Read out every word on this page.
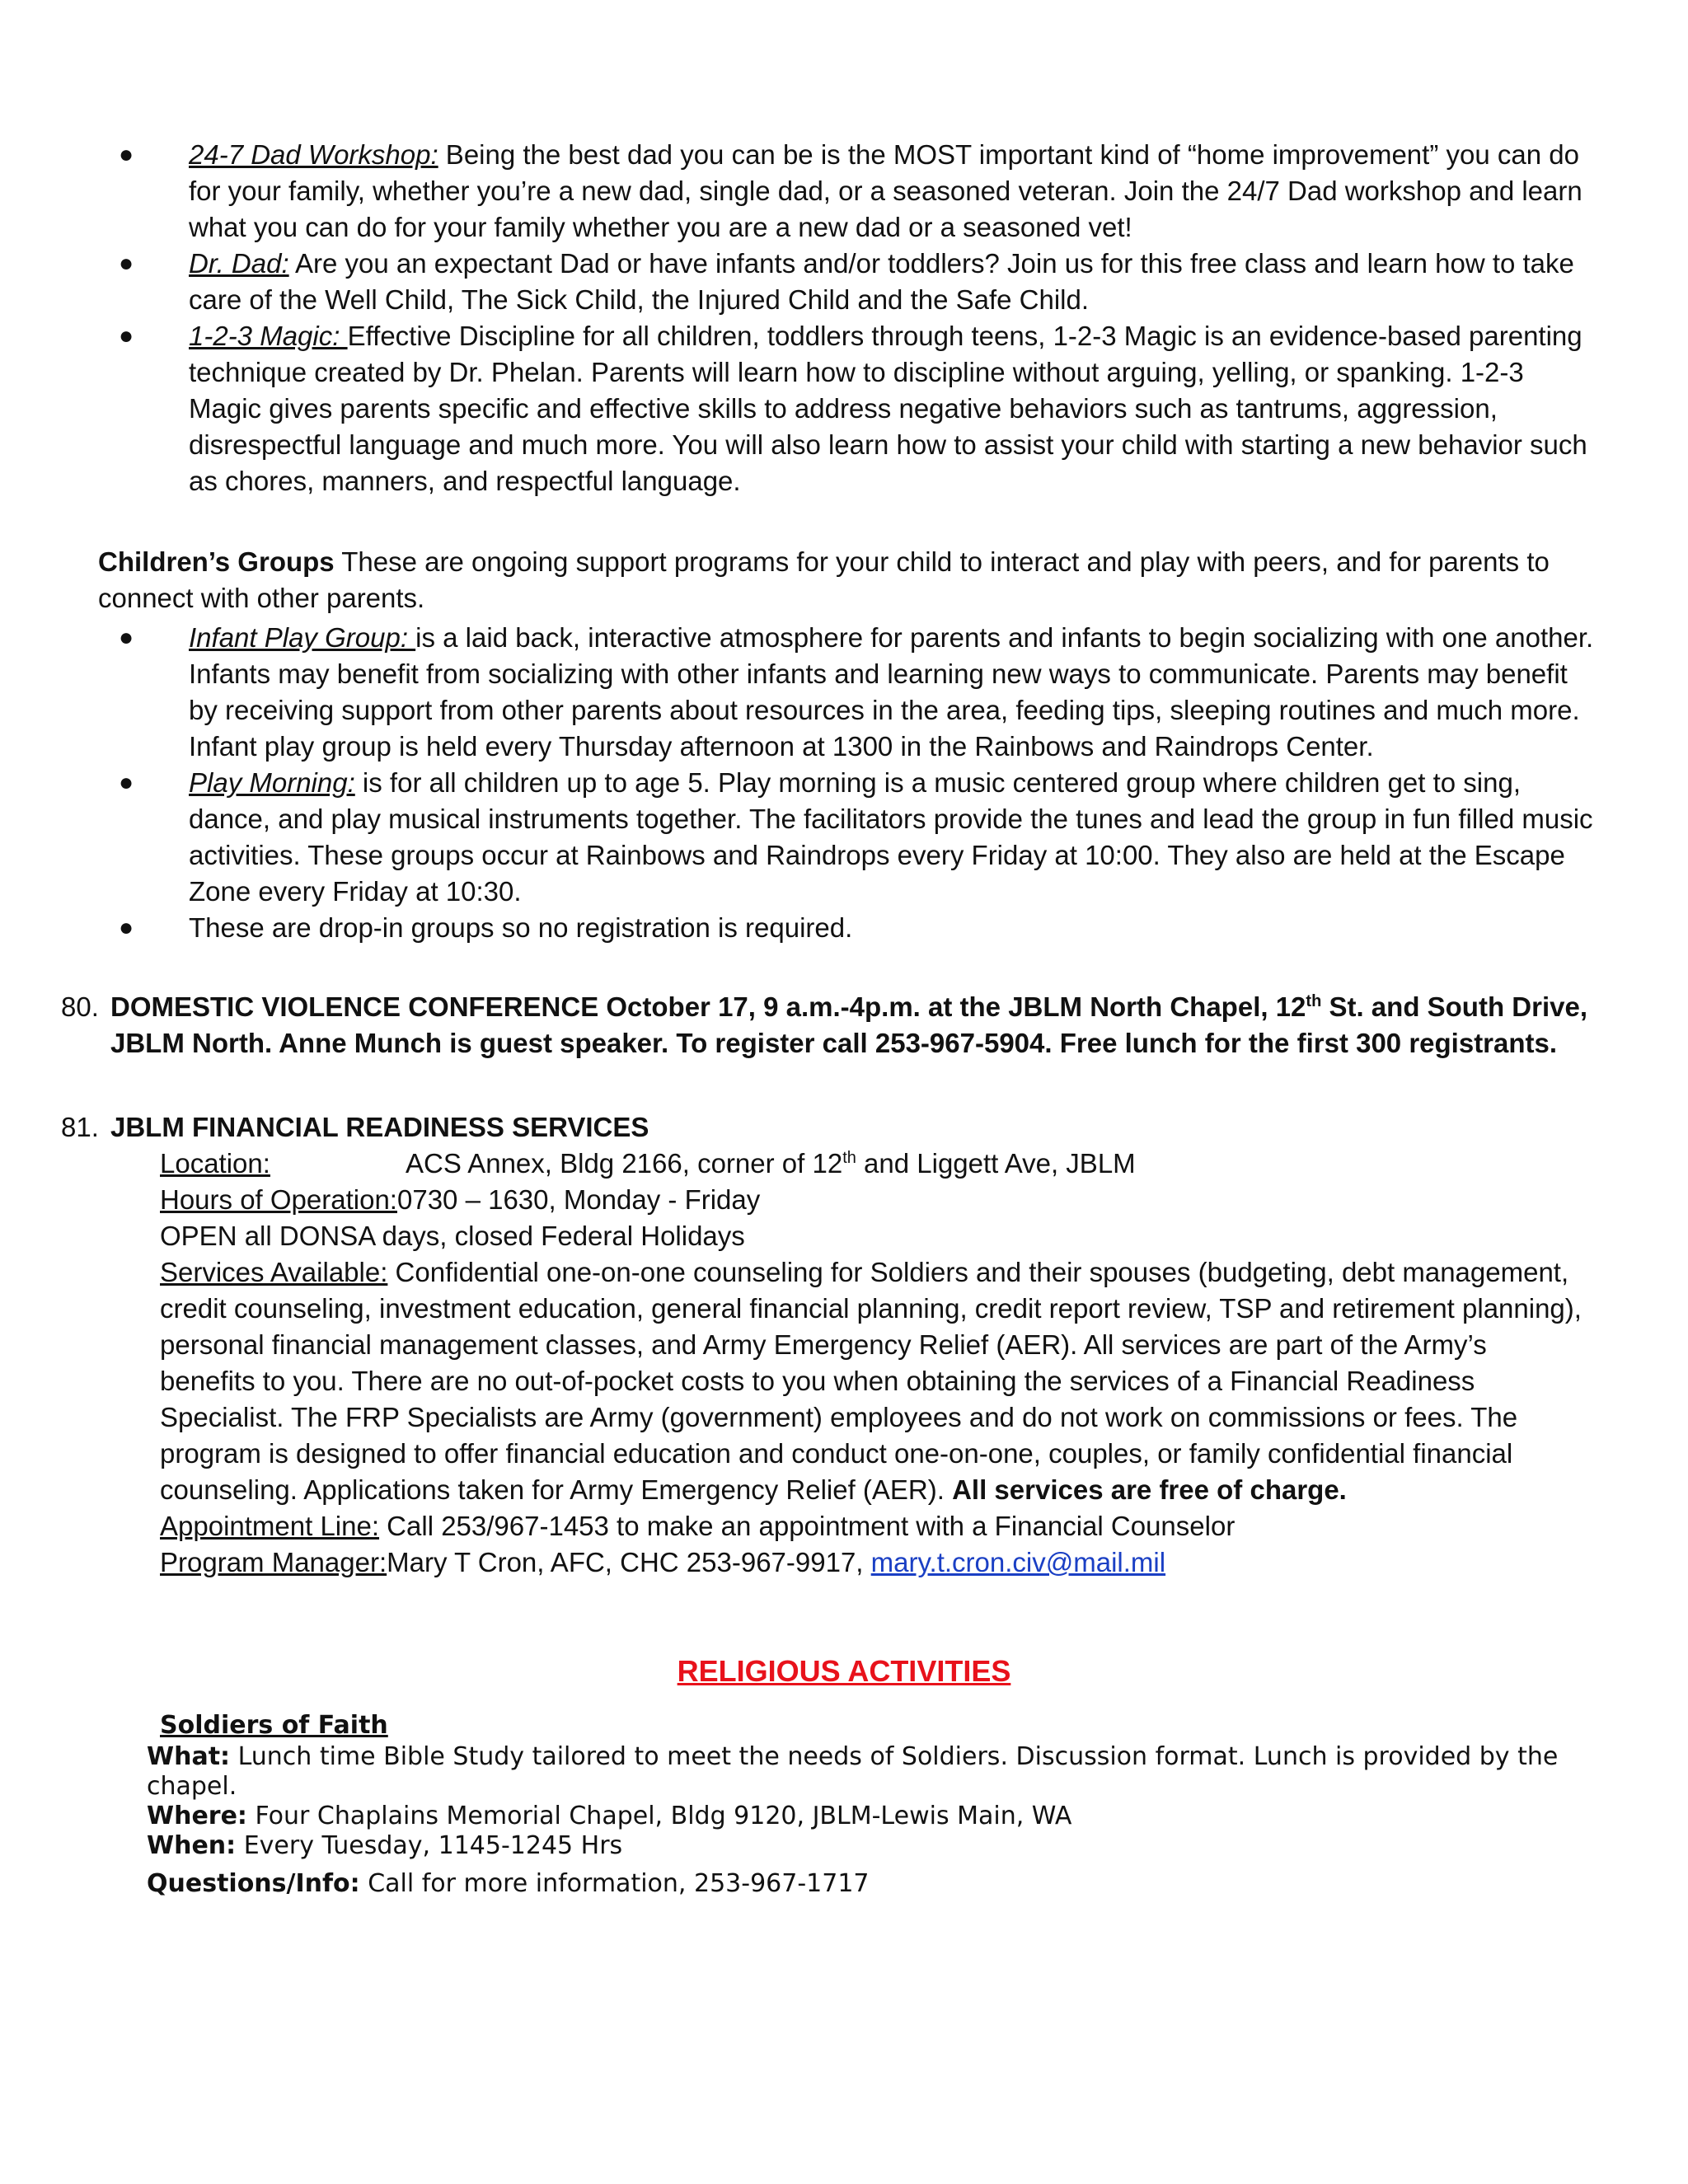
●	24-7 Dad Workshop: Being the best dad you can be is the MOST important kind of “home improvement” you can do for your family, whether you’re a new dad, single dad, or a seasoned veteran. Join the 24/7 Dad workshop and learn what you can do for your family whether you are a new dad or a seasoned vet!
●	Dr. Dad: Are you an expectant Dad or have infants and/or toddlers? Join us for this free class and learn how to take care of the Well Child, The Sick Child, the Injured Child and the Safe Child.
●	1-2-3 Magic: Effective Discipline for all children, toddlers through teens, 1-2-3 Magic is an evidence-based parenting technique created by Dr. Phelan. Parents will learn how to discipline without arguing, yelling, or spanking. 1-2-3 Magic gives parents specific and effective skills to address negative behaviors such as tantrums, aggression, disrespectful language and much more. You will also learn how to assist your child with starting a new behavior such as chores, manners, and respectful language.
Children’s Groups These are ongoing support programs for your child to interact and play with peers, and for parents to connect with other parents.
●	Infant Play Group: is a laid back, interactive atmosphere for parents and infants to begin socializing with one another. Infants may benefit from socializing with other infants and learning new ways to communicate. Parents may benefit by receiving support from other parents about resources in the area, feeding tips, sleeping routines and much more. Infant play group is held every Thursday afternoon at 1300 in the Rainbows and Raindrops Center.
●	Play Morning: is for all children up to age 5. Play morning is a music centered group where children get to sing, dance, and play musical instruments together. The facilitators provide the tunes and lead the group in fun filled music activities. These groups occur at Rainbows and Raindrops every Friday at 10:00. They also are held at the Escape Zone every Friday at 10:30.
●	These are drop-in groups so no registration is required.
80. DOMESTIC VIOLENCE CONFERENCE October 17, 9 a.m.-4p.m. at the JBLM North Chapel, 12th St. and South Drive, JBLM North. Anne Munch is guest speaker. To register call 253-967-5904. Free lunch for the first 300 registrants.
81. JBLM FINANCIAL READINESS SERVICES
Location:	ACS Annex, Bldg 2166, corner of 12th and Liggett Ave, JBLM
Hours of Operation: 0730 – 1630, Monday - Friday
OPEN all DONSA days, closed Federal Holidays
Services Available: Confidential one-on-one counseling for Soldiers and their spouses (budgeting, debt management, credit counseling, investment education, general financial planning, credit report review, TSP and retirement planning), personal financial management classes, and Army Emergency Relief (AER). All services are part of the Army’s benefits to you. There are no out-of-pocket costs to you when obtaining the services of a Financial Readiness Specialist. The FRP Specialists are Army (government) employees and do not work on commissions or fees. The program is designed to offer financial education and conduct one-on-one, couples, or family confidential financial counseling. Applications taken for Army Emergency Relief (AER). All services are free of charge.
Appointment Line: Call 253/967-1453 to make an appointment with a Financial Counselor
Program Manager:Mary T Cron, AFC, CHC 253-967-9917, mary.t.cron.civ@mail.mil
RELIGIOUS ACTIVITIES
Soldiers of Faith

What: Lunch time Bible Study tailored to meet the needs of Soldiers. Discussion format. Lunch is provided by the chapel.

Where: Four Chaplains Memorial Chapel, Bldg 9120, JBLM-Lewis Main, WA

When: Every Tuesday, 1145-1245 Hrs

Questions/Info: Call for more information, 253-967-1717
